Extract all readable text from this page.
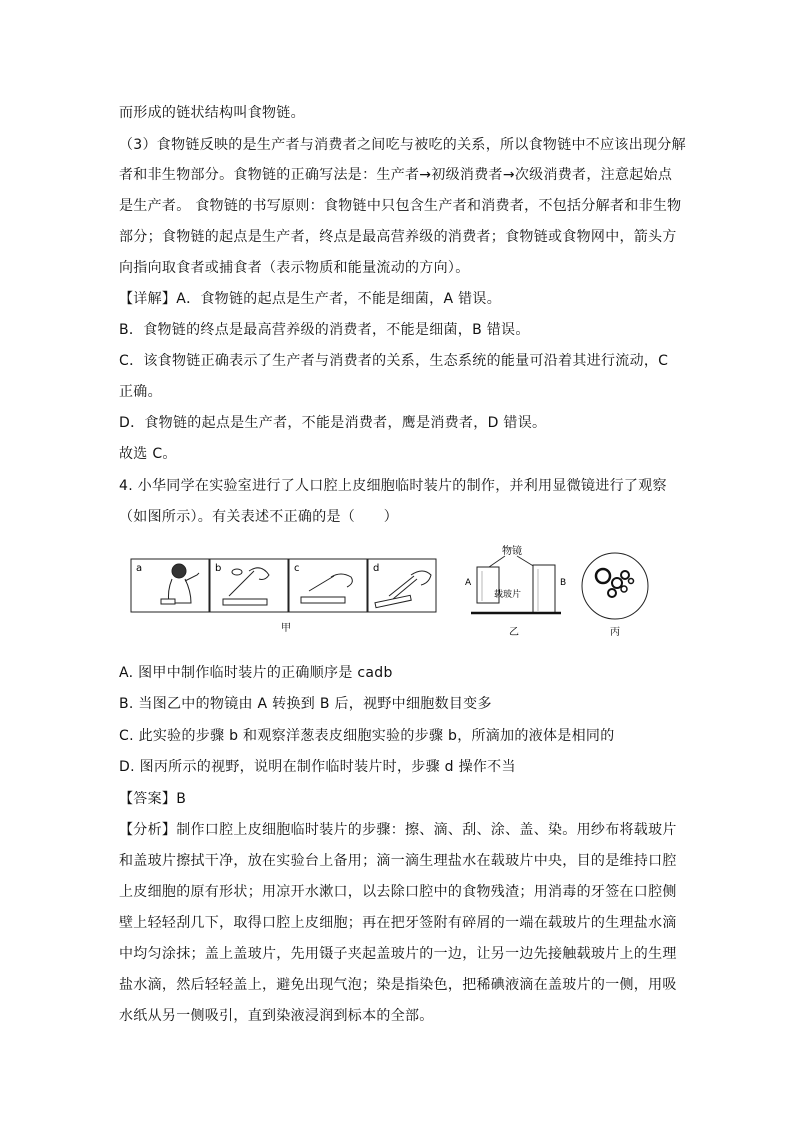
而形成的链状结构叫食物链。
（3）食物链反映的是生产者与消费者之间吃与被吃的关系，所以食物链中不应该出现分解
者和非生物部分。食物链的正确写法是：生产者→初级消费者→次级消费者，注意起始点
是生产者。 食物链的书写原则：食物链中只包含生产者和消费者，不包括分解者和非生物
部分；食物链的起点是生产者，终点是最高营养级的消费者；食物链或食物网中，箭头方
向指向取食者或捕食者（表示物质和能量流动的方向）。
【详解】A．食物链的起点是生产者，不能是细菌，A 错误。
B．食物链的终点是最高营养级的消费者，不能是细菌，B 错误。
C．该食物链正确表示了生产者与消费者的关系，生态系统的能量可沿着其进行流动，C
正确。
D．食物链的起点是生产者，不能是消费者，鹰是消费者，D 错误。
故选 C。
4. 小华同学在实验室进行了人口腔上皮细胞临时装片的制作，并利用显微镜进行了观察
（如图所示）。有关表述不正确的是（　　）
a	b	c	d
甲
物镜
A	B
载玻片
乙	丙
A. 图甲中制作临时装片的正确顺序是 cadb
B. 当图乙中的物镜由 A 转换到 B 后，视野中细胞数目变多
C. 此实验的步骤 b 和观察洋葱表皮细胞实验的步骤 b，所滴加的液体是相同的
D. 图丙所示的视野，说明在制作临时装片时，步骤 d 操作不当
【答案】B
【分析】制作口腔上皮细胞临时装片的步骤：擦、滴、刮、涂、盖、染。用纱布将载玻片
和盖玻片擦拭干净，放在实验台上备用；滴一滴生理盐水在载玻片中央，目的是维持口腔
上皮细胞的原有形状；用凉开水漱口，以去除口腔中的食物残渣；用消毒的牙签在口腔侧
壁上轻轻刮几下，取得口腔上皮细胞；再在把牙签附有碎屑的一端在载玻片的生理盐水滴
中均匀涂抹；盖上盖玻片，先用镊子夹起盖玻片的一边，让另一边先接触载玻片上的生理
盐水滴，然后轻轻盖上，避免出现气泡；染是指染色，把稀碘液滴在盖玻片的一侧，用吸
水纸从另一侧吸引，直到染液浸润到标本的全部。
